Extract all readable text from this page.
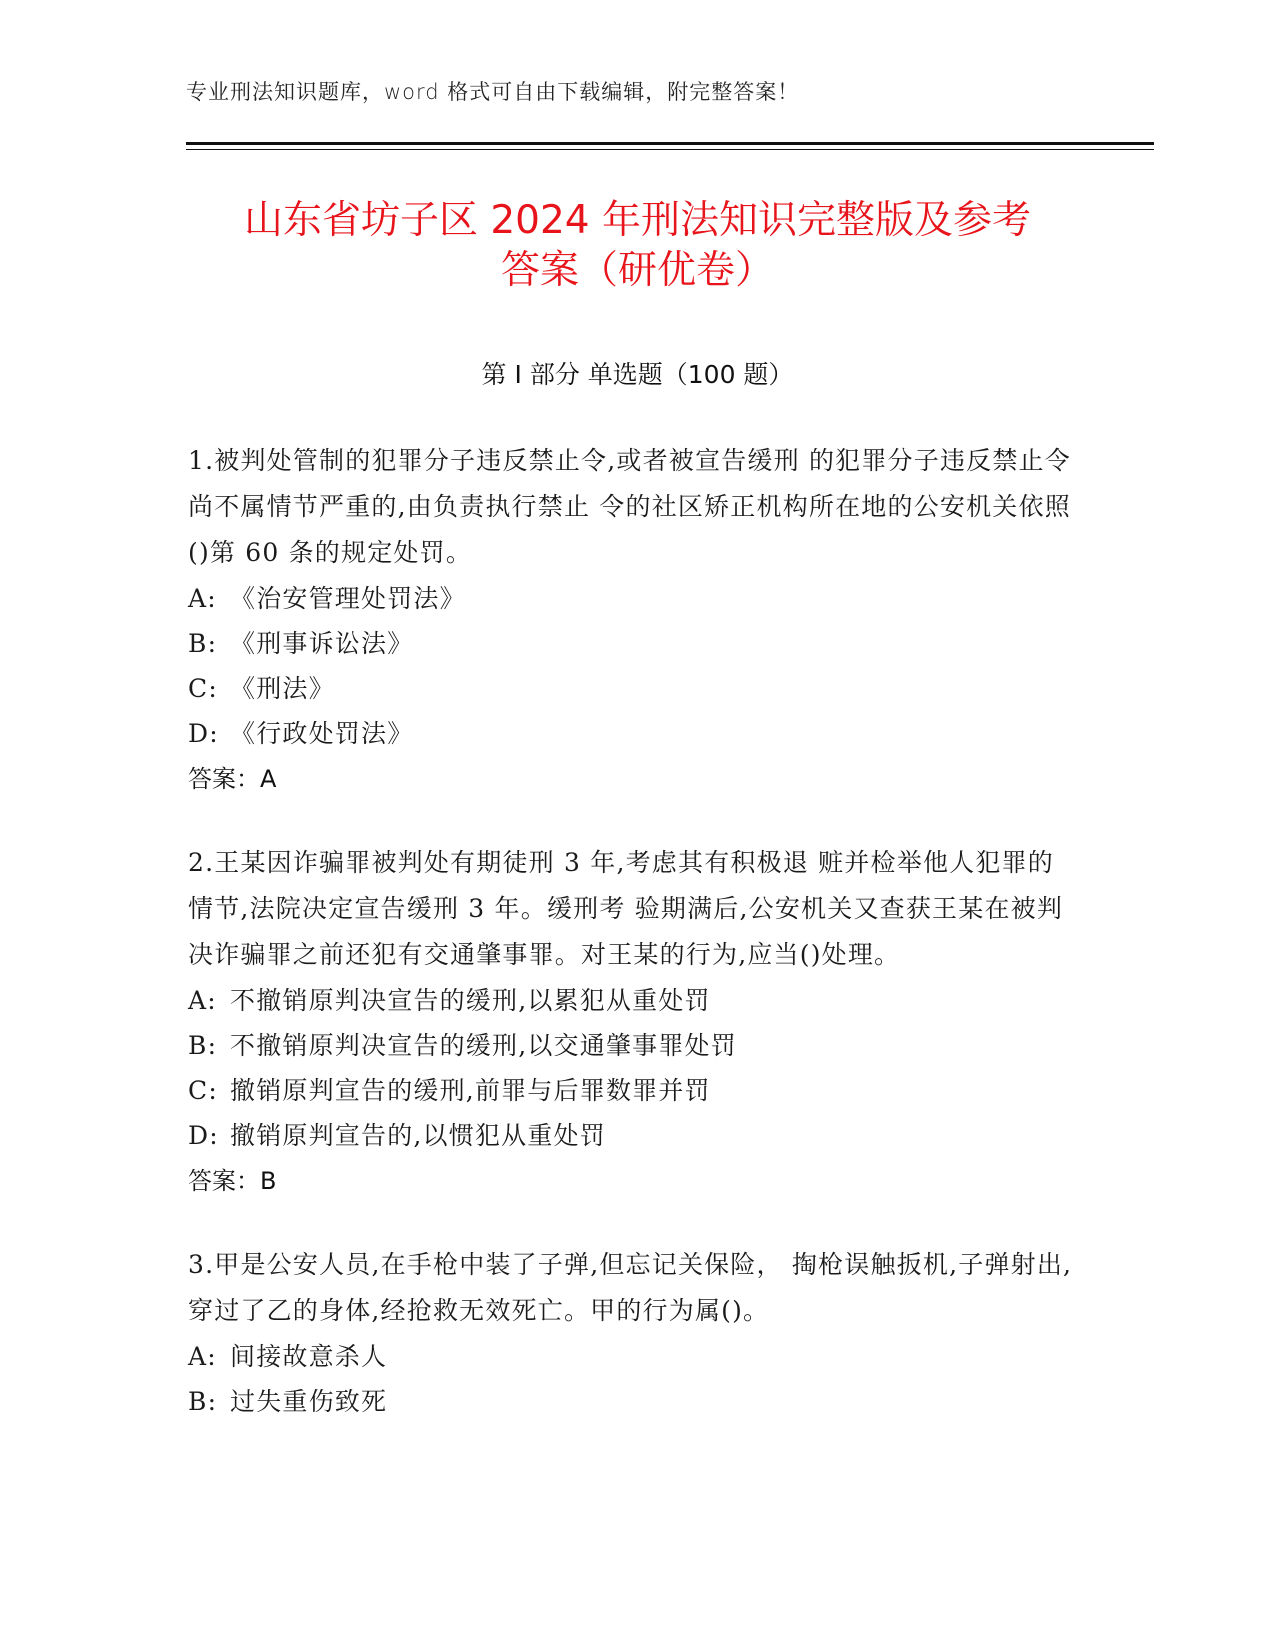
专业刑法知识题库，word 格式可自由下载编辑，附完整答案！
山东省坊子区 2024 年刑法知识完整版及参考
答案（研优卷）
第 I 部分 单选题（100 题）
1.被判处管制的犯罪分子违反禁止令,或者被宣告缓刑 的犯罪分子违反禁止令尚不属情节严重的,由负责执行禁止 令的社区矫正机构所在地的公安机关依照()第 60 条的规定处罚。
A: 《治安管理处罚法》
B: 《刑事诉讼法》
C: 《刑法》
D: 《行政处罚法》
答案：A
2.王某因诈骗罪被判处有期徒刑 3 年,考虑其有积极退 赃并检举他人犯罪的情节,法院决定宣告缓刑 3 年。缓刑考 验期满后,公安机关又查获王某在被判决诈骗罪之前还犯有交通肇事罪。对王某的行为,应当()处理。
A: 不撤销原判决宣告的缓刑,以累犯从重处罚
B: 不撤销原判决宣告的缓刑,以交通肇事罪处罚
C: 撤销原判宣告的缓刑,前罪与后罪数罪并罚
D: 撤销原判宣告的,以惯犯从重处罚
答案：B
3.甲是公安人员,在手枪中装了子弹,但忘记关保险， 掏枪误触扳机,子弹射出,穿过了乙的身体,经抢救无效死亡。甲的行为属()。
A: 间接故意杀人
B: 过失重伤致死
